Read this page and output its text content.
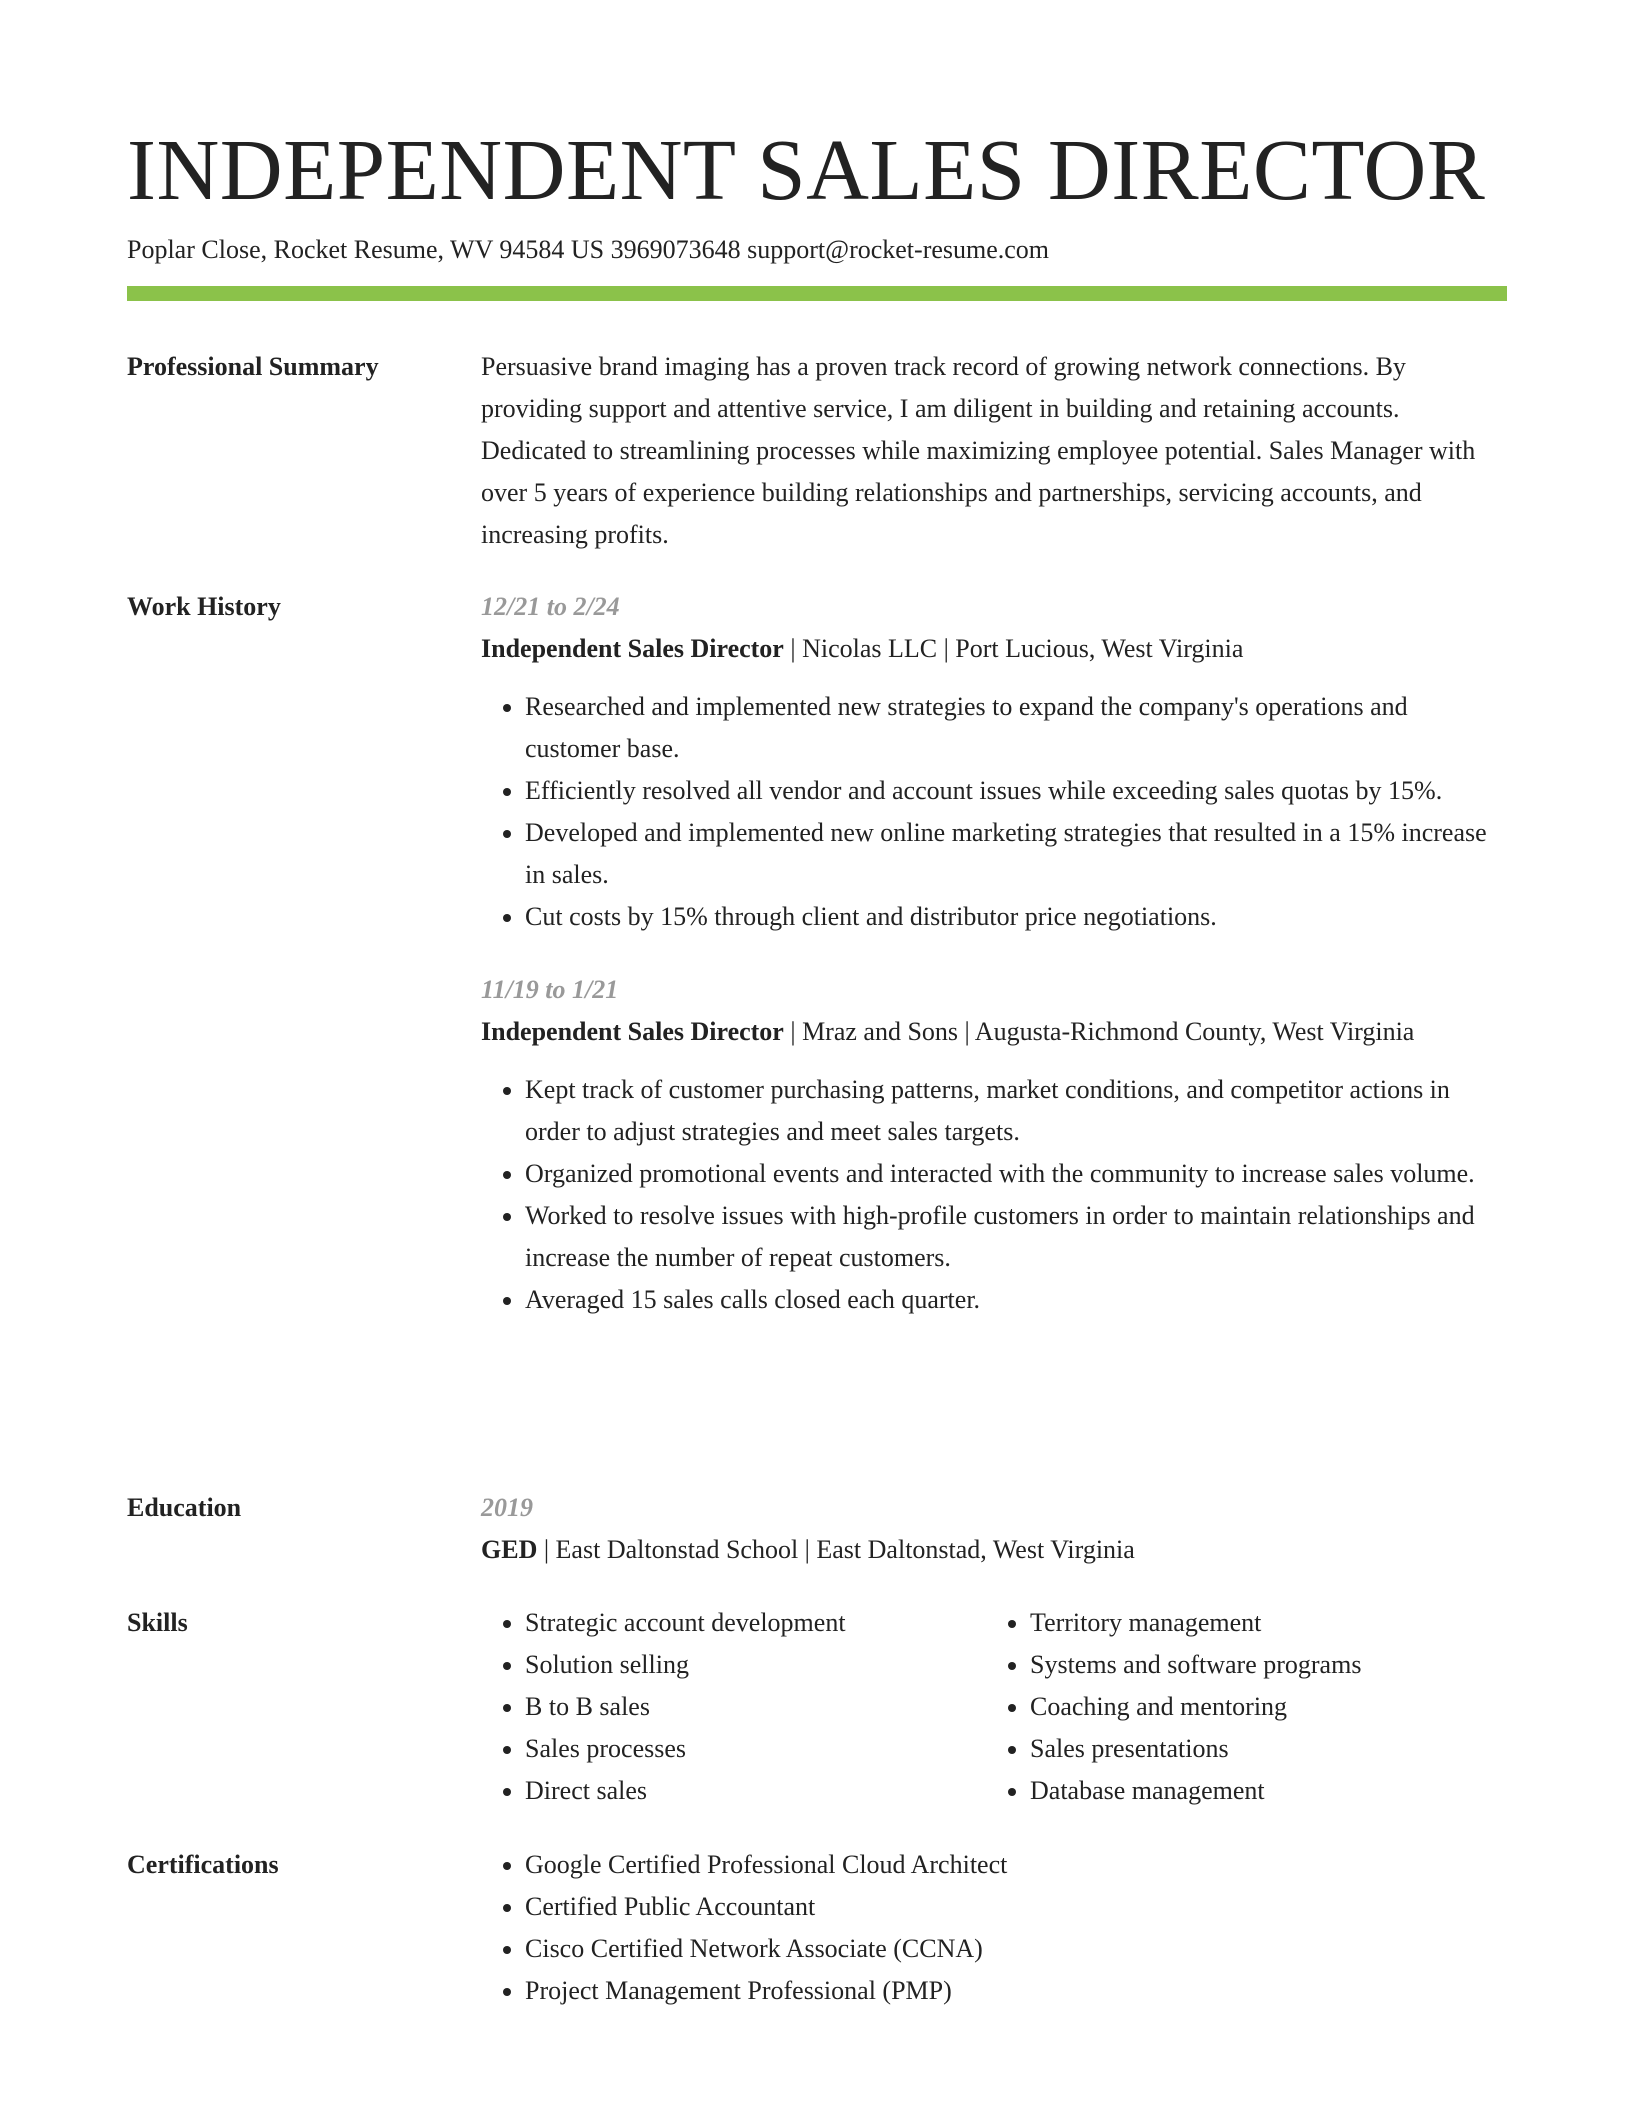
INDEPENDENT SALES DIRECTOR
Poplar Close, Rocket Resume, WV 94584 US 3969073648 support@rocket-resume.com
Professional Summary	Persuasive brand imaging has a proven track record of growing network connections. By providing support and attentive service, I am diligent in building and retaining accounts. Dedicated to streamlining processes while maximizing employee potential. Sales Manager with over 5 years of experience building relationships and partnerships, servicing accounts, and increasing profits.

Work History	12/21 to 2/24

Independent Sales Director | Nicolas LLC | Port Lucious, West Virginia

• Researched and implemented new strategies to expand the company's operations and customer base.
• Efficiently resolved all vendor and account issues while exceeding sales quotas by 15%.
• Developed and implemented new online marketing strategies that resulted in a 15% increase in sales.
• Cut costs by 15% through client and distributor price negotiations.

11/19 to 1/21

Independent Sales Director | Mraz and Sons | Augusta-Richmond County, West Virginia

• Kept track of customer purchasing patterns, market conditions, and competitor actions in order to adjust strategies and meet sales targets.
• Organized promotional events and interacted with the community to increase sales volume.
• Worked to resolve issues with high-profile customers in order to maintain relationships and increase the number of repeat customers.
• Averaged 15 sales calls closed each quarter.
Education	2019

GED | East Daltonstad School | East Daltonstad, West Virginia

Skills	• Strategic account development
• Solution selling
• B to B sales
• Sales processes
• Direct sales
• Territory management
• Systems and software programs
• Coaching and mentoring
• Sales presentations
• Database management
Certifications	• Google Certified Professional Cloud Architect
• Certified Public Accountant
• Cisco Certified Network Associate (CCNA)
• Project Management Professional (PMP)
